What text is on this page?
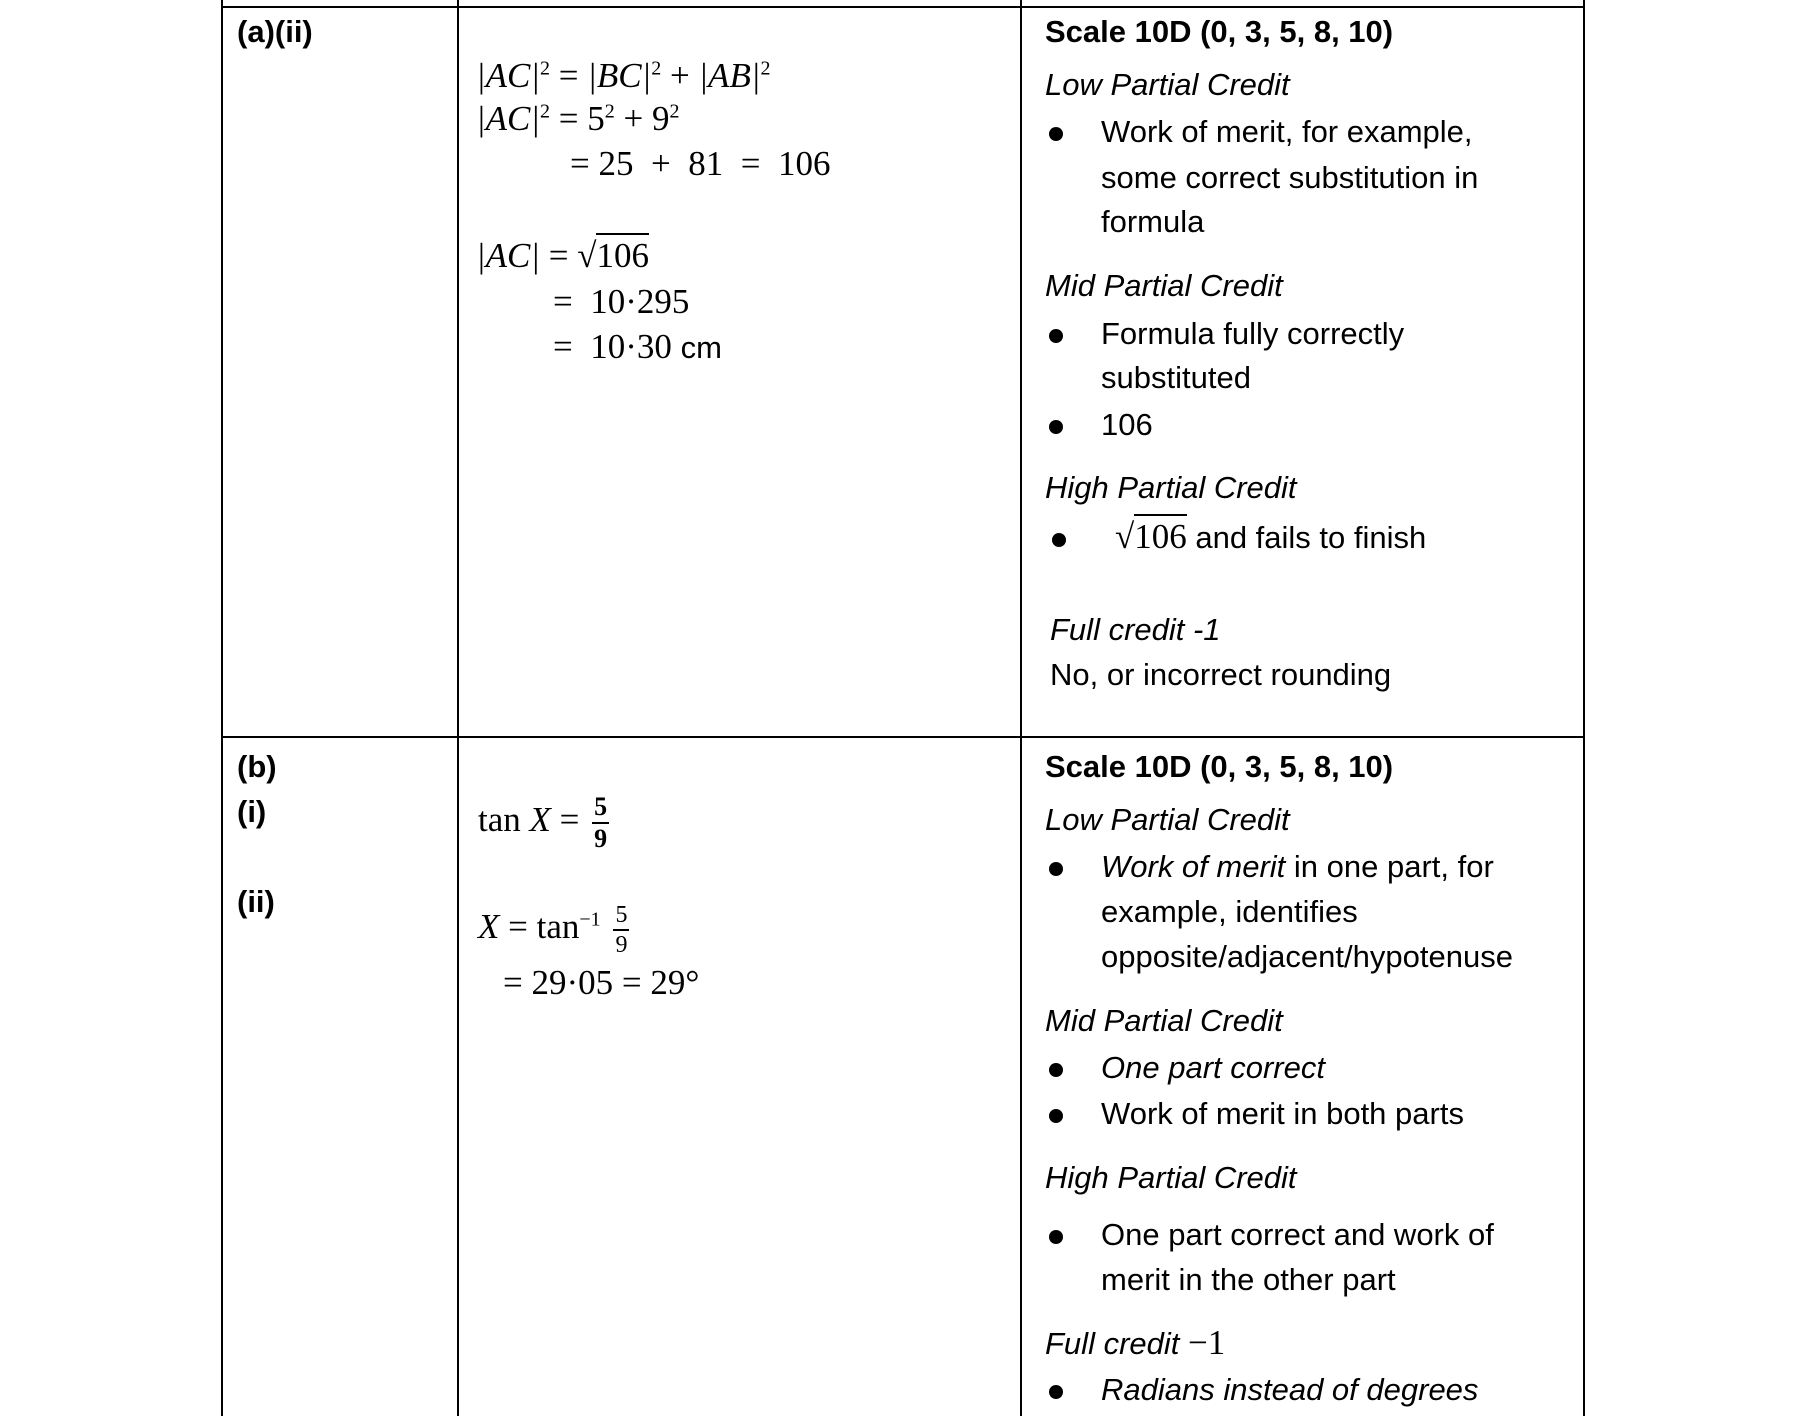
(a)(ii)
$|AC|^2 = |BC|^2 + |AB|^2$
$|AC|^2 = 5^2 + 9^2$
= 25  +  81  =  106
|AC| = √106
=  10·295
=  10·30 cm
Scale 10D (0, 3, 5, 8, 10)
Low Partial Credit
Work of merit, for example,
some correct substitution in
formula
Mid Partial Credit
Formula fully correctly
substituted
106
High Partial Credit
√106 and fails to finish
Full credit -1
No, or incorrect rounding
(b)
(i)
(ii)
$\tan X = \frac{5}{9}$
$X = \tan^{-1} \frac{5}{9}$
= 29·05 = 29°
Scale 10D (0, 3, 5, 8, 10)
Low Partial Credit
Work of merit in one part, for
example, identifies
opposite/adjacent/hypotenuse
Mid Partial Credit
One part correct
Work of merit in both parts
High Partial Credit
One part correct and work of
merit in the other part
Full credit −1
Radians instead of degrees
